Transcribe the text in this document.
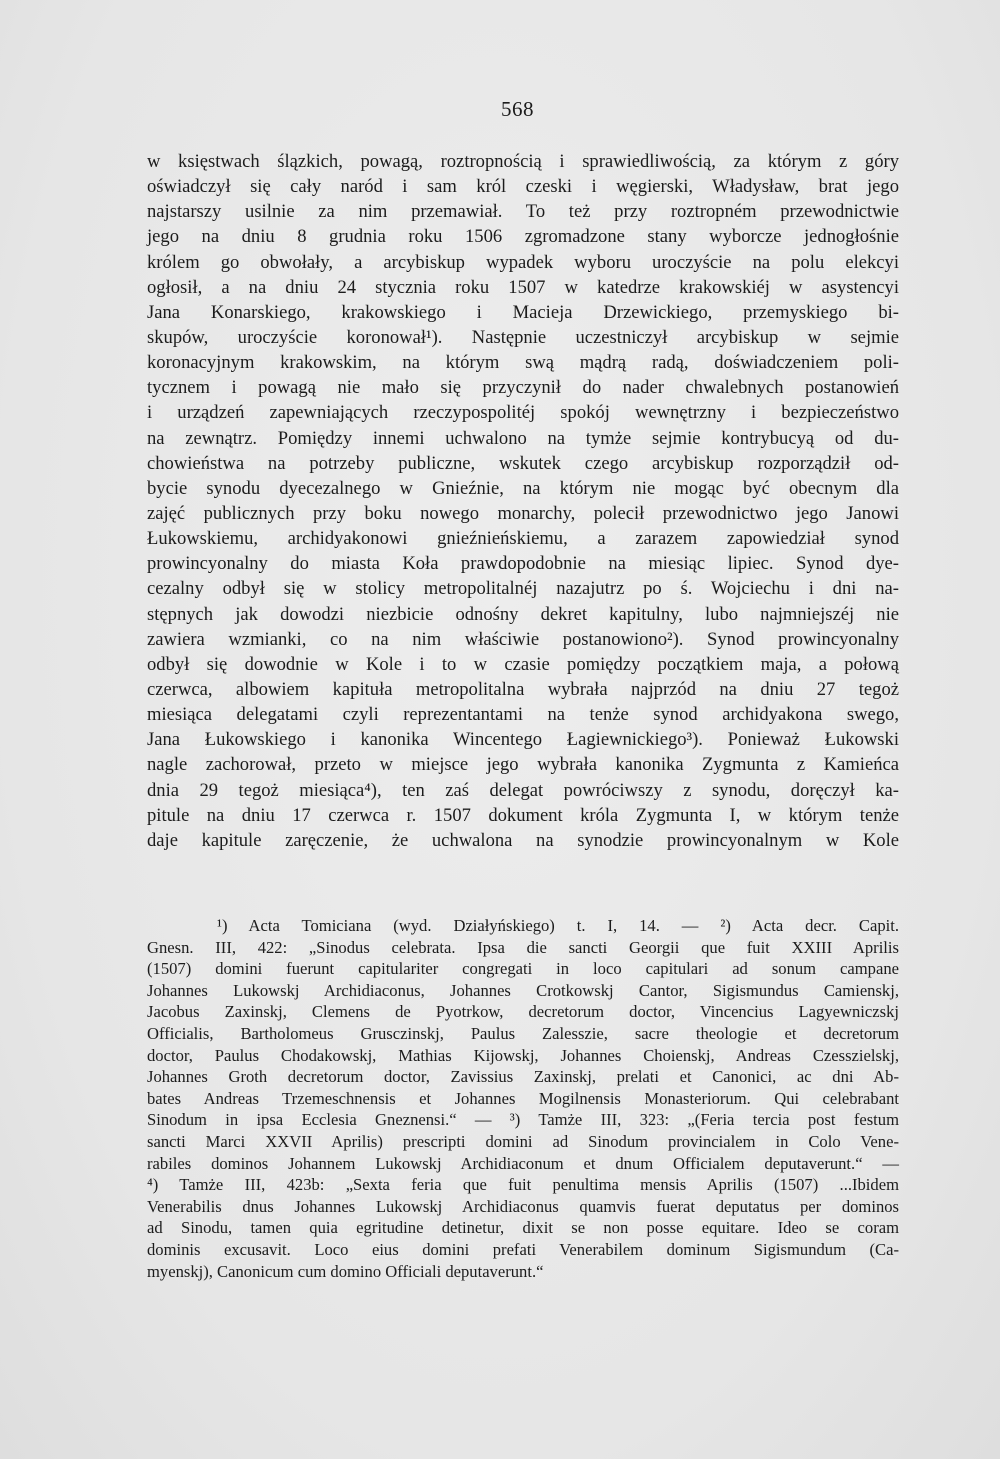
568
w księstwach ślązkich, powagą, roztropnością i sprawiedliwością, za którym z góry
oświadczył się cały naród i sam król czeski i węgierski, Władysław, brat jego
najstarszy usilnie za nim przemawiał. To też przy roztropném przewodnictwie
jego na dniu 8 grudnia roku 1506 zgromadzone stany wyborcze jednogłośnie
królem go obwołały, a arcybiskup wypadek wyboru uroczyście na polu elekcyi
ogłosił, a na dniu 24 stycznia roku 1507 w katedrze krakowskiéj w asystencyi
Jana Konarskiego, krakowskiego i Macieja Drzewickiego, przemyskiego bi-
skupów, uroczyście koronował¹). Następnie uczestniczył arcybiskup w sejmie
koronacyjnym krakowskim, na którym swą mądrą radą, doświadczeniem poli-
tycznem i powagą nie mało się przyczynił do nader chwalebnych postanowień
i urządzeń zapewniających rzeczypospolitéj spokój wewnętrzny i bezpieczeństwo
na zewnątrz. Pomiędzy innemi uchwalono na tymże sejmie kontrybucyą od du-
chowieństwa na potrzeby publiczne, wskutek czego arcybiskup rozporządził od-
bycie synodu dyecezalnego w Gnieźnie, na którym nie mogąc być obecnym dla
zajęć publicznych przy boku nowego monarchy, polecił przewodnictwo jego Janowi
Łukowskiemu, archidyakonowi gnieźnieńskiemu, a zarazem zapowiedział synod
prowincyonalny do miasta Koła prawdopodobnie na miesiąc lipiec. Synod dye-
cezalny odbył się w stolicy metropolitalnéj nazajutrz po ś. Wojciechu i dni na-
stępnych jak dowodzi niezbicie odnośny dekret kapitulny, lubo najmniejszéj nie
zawiera wzmianki, co na nim właściwie postanowiono²). Synod prowincyonalny
odbył się dowodnie w Kole i to w czasie pomiędzy początkiem maja, a połową
czerwca, albowiem kapituła metropolitalna wybrała najprzód na dniu 27 tegoż
miesiąca delegatami czyli reprezentantami na tenże synod archidyakona swego,
Jana Łukowskiego i kanonika Wincentego Łagiewnickiego³). Ponieważ Łukowski
nagle zachorował, przeto w miejsce jego wybrała kanonika Zygmunta z Kamieńca
dnia 29 tegoż miesiąca⁴), ten zaś delegat powróciwszy z synodu, doręczył ka-
pitule na dniu 17 czerwca r. 1507 dokument króla Zygmunta I, w którym tenże
daje kapitule zaręczenie, że uchwalona na synodzie prowincyonalnym w Kole
¹) Acta Tomiciana (wyd. Działyńskiego) t. I, 14. — ²) Acta decr. Capit.
Gnesn. III, 422: „Sinodus celebrata. Ipsa die sancti Georgii que fuit XXIII Aprilis
(1507) domini fuerunt capitulariter congregati in loco capitulari ad sonum campane
Johannes Lukowskj Archidiaconus, Johannes Crotkowskj Cantor, Sigismundus Camienskj,
Jacobus Zaxinskj, Clemens de Pyotrkow, decretorum doctor, Vincencius Lagyewniczskj
Officialis, Bartholomeus Grusczinskj, Paulus Zalesszie, sacre theologie et decretorum
doctor, Paulus Chodakowskj, Mathias Kijowskj, Johannes Choienskj, Andreas Czesszielskj,
Johannes Groth decretorum doctor, Zavissius Zaxinskj, prelati et Canonici, ac dni Ab-
bates Andreas Trzemeschnensis et Johannes Mogilnensis Monasteriorum. Qui celebrabant
Sinodum in ipsa Ecclesia Gneznensi.“ — ³) Tamże III, 323: „(Feria tercia post festum
sancti Marci XXVII Aprilis) prescripti domini ad Sinodum provincialem in Colo Vene-
rabiles dominos Johannem Lukowskj Archidiaconum et dnum Officialem deputaverunt.“ —
⁴) Tamże III, 423b: „Sexta feria que fuit penultima mensis Aprilis (1507) ...Ibidem
Venerabilis dnus Johannes Lukowskj Archidiaconus quamvis fuerat deputatus per dominos
ad Sinodu, tamen quia egritudine detinetur, dixit se non posse equitare. Ideo se coram
dominis excusavit. Loco eius domini prefati Venerabilem dominum Sigismundum (Ca-
myenskj), Canonicum cum domino Officiali deputaverunt.“
